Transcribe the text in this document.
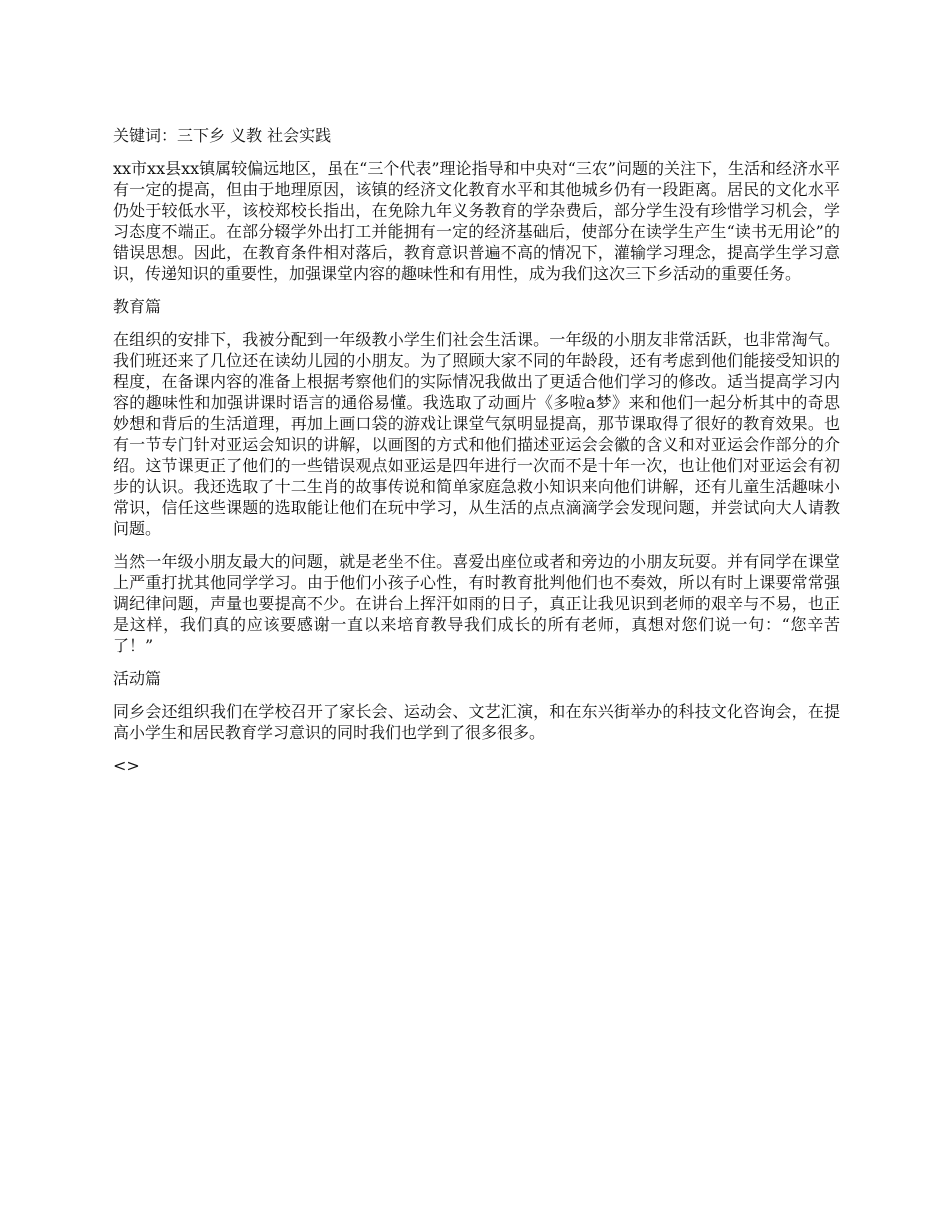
关键词：三下乡 义教 社会实践

xx市xx县xx镇属较偏远地区，虽在“三个代表”理论指导和中央对“三农”问题的关注下，生活和经济水平有一定的提高，但由于地理原因，该镇的经济文化教育水平和其他城乡仍有一段距离。居民的文化水平仍处于较低水平，该校郑校长指出，在免除九年义务教育的学杂费后，部分学生没有珍惜学习机会，学习态度不端正。在部分辍学外出打工并能拥有一定的经济基础后，使部分在读学生产生“读书无用论”的错误思想。因此，在教育条件相对落后，教育意识普遍不高的情况下，灌输学习理念，提高学生学习意识，传递知识的重要性，加强课堂内容的趣味性和有用性，成为我们这次三下乡活动的重要任务。

教育篇

在组织的安排下，我被分配到一年级教小学生们社会生活课。一年级的小朋友非常活跃，也非常淘气。我们班还来了几位还在读幼儿园的小朋友。为了照顾大家不同的年龄段，还有考虑到他们能接受知识的程度，在备课内容的准备上根据考察他们的实际情况我做出了更适合他们学习的修改。适当提高学习内容的趣味性和加强讲课时语言的通俗易懂。我选取了动画片《多啦a梦》来和他们一起分析其中的奇思妙想和背后的生活道理，再加上画口袋的游戏让课堂气氛明显提高，那节课取得了很好的教育效果。也有一节专门针对亚运会知识的讲解，以画图的方式和他们描述亚运会会徽的含义和对亚运会作部分的介绍。这节课更正了他们的一些错误观点如亚运是四年进行一次而不是十年一次，也让他们对亚运会有初步的认识。我还选取了十二生肖的故事传说和简单家庭急救小知识来向他们讲解，还有儿童生活趣味小常识，信任这些课题的选取能让他们在玩中学习，从生活的点点滴滴学会发现问题，并尝试向大人请教问题。

当然一年级小朋友最大的问题，就是老坐不住。喜爱出座位或者和旁边的小朋友玩耍。并有同学在课堂上严重打扰其他同学学习。由于他们小孩子心性，有时教育批判他们也不奏效，所以有时上课要常常强调纪律问题，声量也要提高不少。在讲台上挥汗如雨的日子，真正让我见识到老师的艰辛与不易，也正是这样，我们真的应该要感谢一直以来培育教导我们成长的所有老师，真想对您们说一句：“您辛苦了！”

活动篇

同乡会还组织我们在学校召开了家长会、运动会、文艺汇演，和在东兴街举办的科技文化咨询会，在提高小学生和居民教育学习意识的同时我们也学到了很多很多。

<>
